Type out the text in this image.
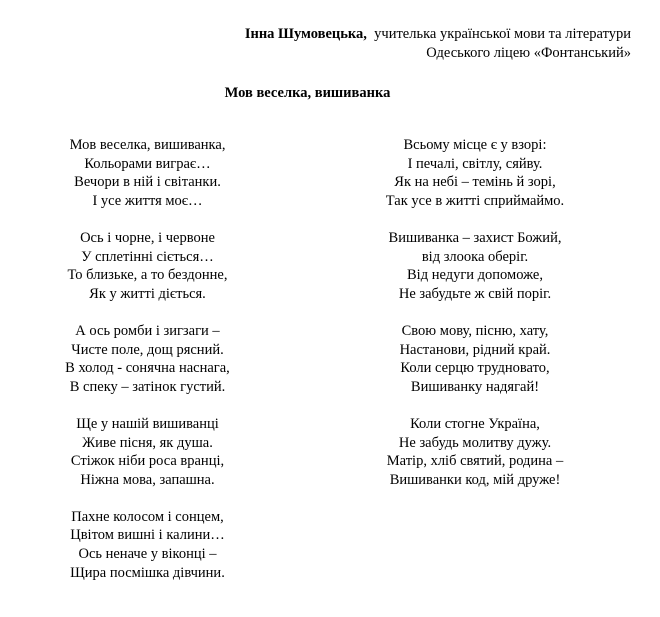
Інна Шумовецька, учителька української мови та літератури
Одеського ліцею «Фонтанський»
Мов веселка, вишиванка
Мов веселка, вишиванка,
Кольорами виграє…
Вечори в ній і світанки.
І усе життя моє…
Ось і чорне, і червоне
У сплетінні сіється…
То близьке, а то бездонне,
Як у житті діється.
А ось ромби і зигзаги –
Чисте поле, дощ рясний.
В холод - сонячна наснага,
В спеку – затінок густий.
Ще у нашій вишиванці
Живе пісня, як душа.
Стіжок ніби роса вранці,
Ніжна мова, запашна.
Пахне колосом і сонцем,
Цвітом вишні і калини…
Ось неначе у віконці –
Щира посмішка дівчини.
Всьому місце є у взорі:
І печалі, світлу, сяйву.
Як на небі – темінь й зорі,
Так усе в житті сприймаймо.
Вишиванка – захист Божий,
від злоока оберіг.
Від недуги допоможе,
Не забудьте ж свій поріг.
Свою мову, пісню, хату,
Настанови, рідний край.
Коли серцю трудновато,
Вишиванку надягай!
Коли стогне Україна,
Не забудь молитву дужу.
Матір, хліб святий, родина –
Вишиванки код, мій друже!
